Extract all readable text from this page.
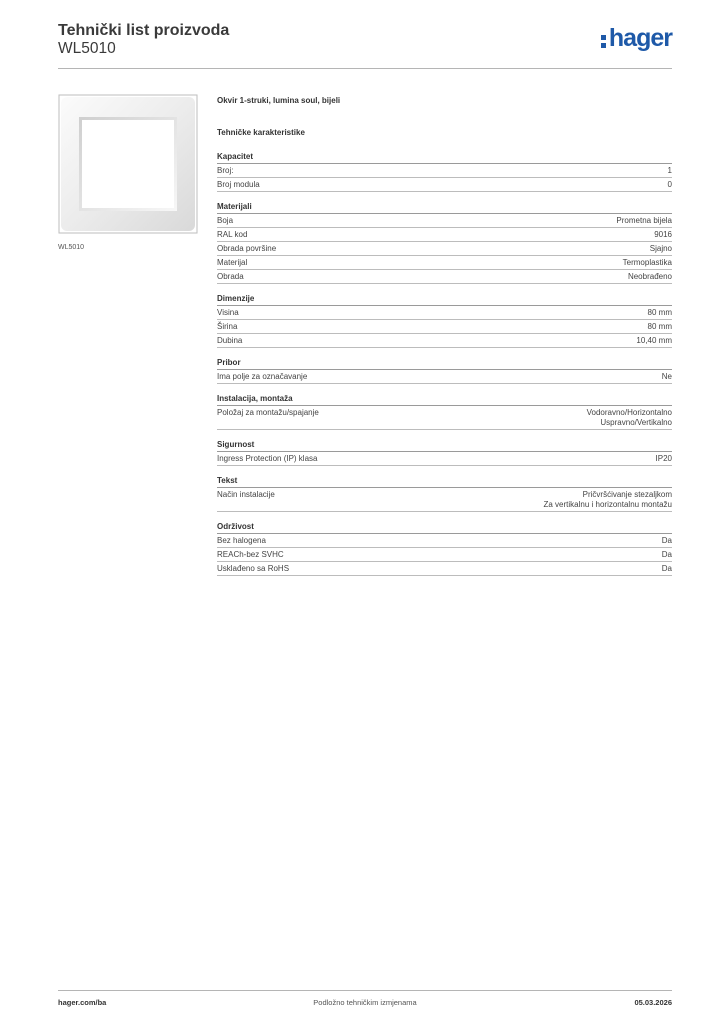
Tehnički list proizvoda
WL5010	hager
WL5010
Okvir 1-struki, lumina soul, bijeli
Tehničke karakteristike
Kapacitet
Broj:	1
Broj modula	0
Materijali
Boja	Prometna bijela
RAL kod	9016
Obrada površine	Sjajno
Materijal	Termoplastika
Obrada	Neobrađeno
Dimenzije
Visina	80 mm
Širina	80 mm
Dubina	10,40 mm
Pribor
Ima polje za označavanje	Ne
Instalacija, montaža
Položaj za montažu/spajanje	Vodoravno/Horizontalno
Uspravno/Vertikalno
Sigurnost
Ingress Protection (IP) klasa	IP20
Tekst
Način instalacije	Pričvršćivanje stezaljkom
Za vertikalnu i horizontalnu montažu
Održivost
Bez halogena	Da
REACh-bez SVHC	Da
Usklađeno sa RoHS	Da
hager.com/ba	Podložno tehničkim izmjenama	05.03.2026
